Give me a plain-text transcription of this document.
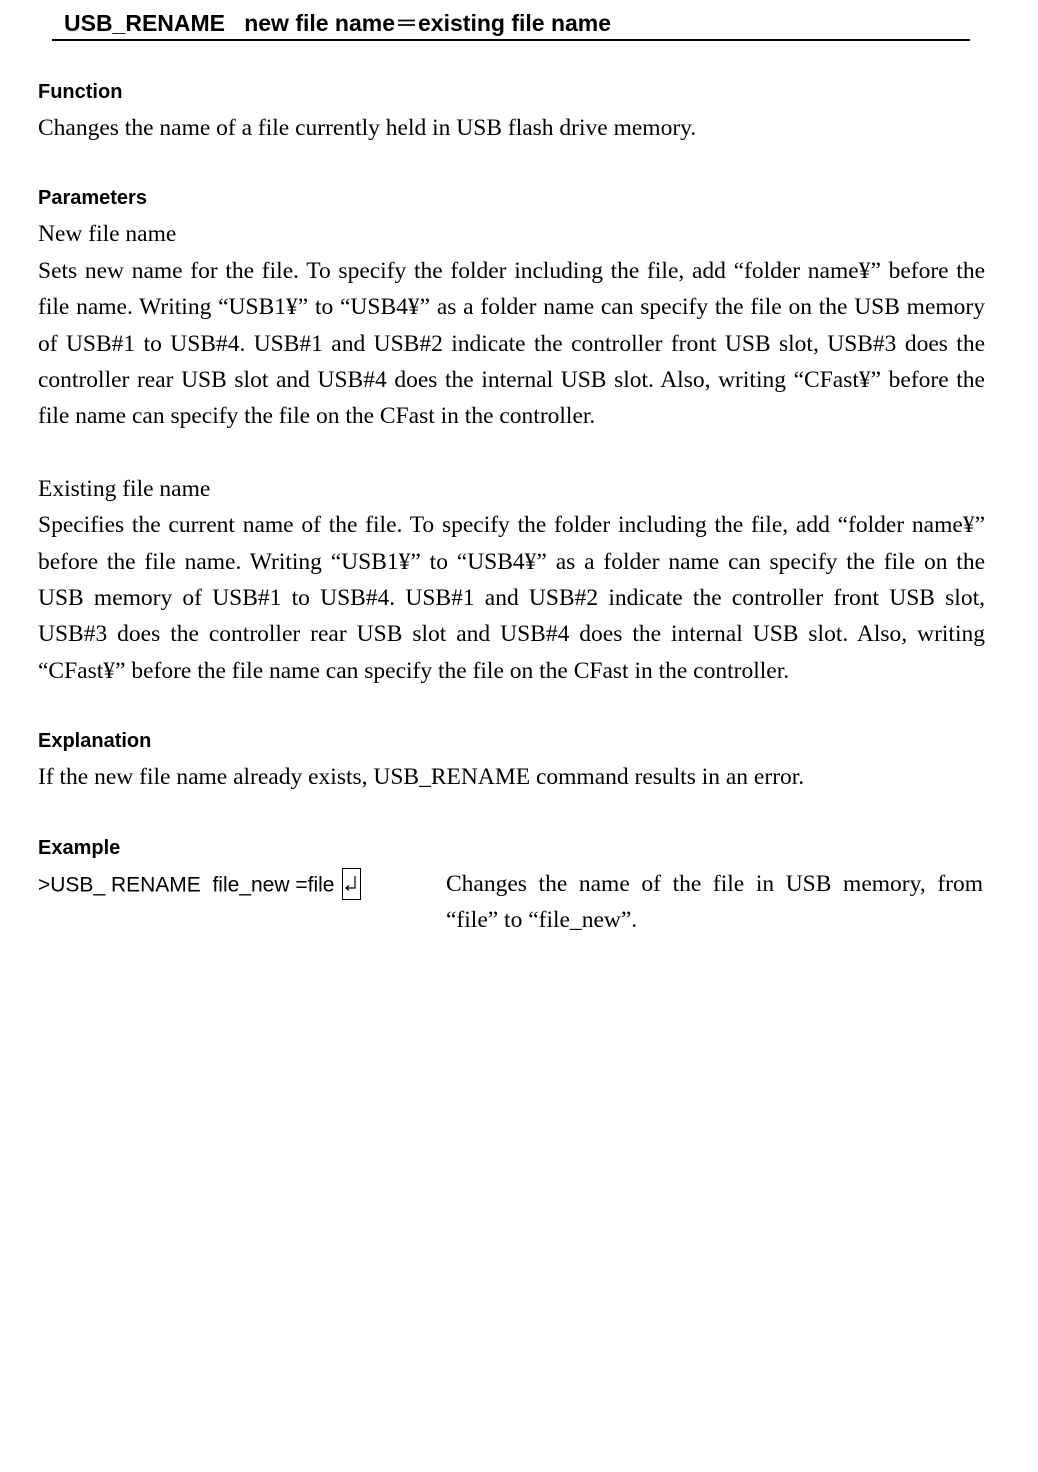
USB_RENAME   new file name＝existing file name

Function

Changes the name of a file currently held in USB flash drive memory.

Parameters

New file name

Sets new name for the file. To specify the folder including the file, add “folder name¥” before the file name. Writing “USB1¥” to “USB4¥” as a folder name can specify the file on the USB memory of USB#1 to USB#4. USB#1 and USB#2 indicate the controller front USB slot, USB#3 does the controller rear USB slot and USB#4 does the internal USB slot. Also, writing “CFast¥” before the file name can specify the file on the CFast in the controller.

Existing file name

Specifies the current name of the file. To specify the folder including the file, add “folder name¥” before the file name. Writing “USB1¥” to “USB4¥” as a folder name can specify the file on the USB memory of USB#1 to USB#4. USB#1 and USB#2 indicate the controller front USB slot, USB#3 does the controller rear USB slot and USB#4 does the internal USB slot. Also, writing “CFast¥” before the file name can specify the file on the CFast in the controller.

Explanation

If the new file name already exists, USB_RENAME command results in an error.

Example

>USB_ RENAME  file_new =file	Changes the name of the file in USB memory, from “file” to “file_new”.
